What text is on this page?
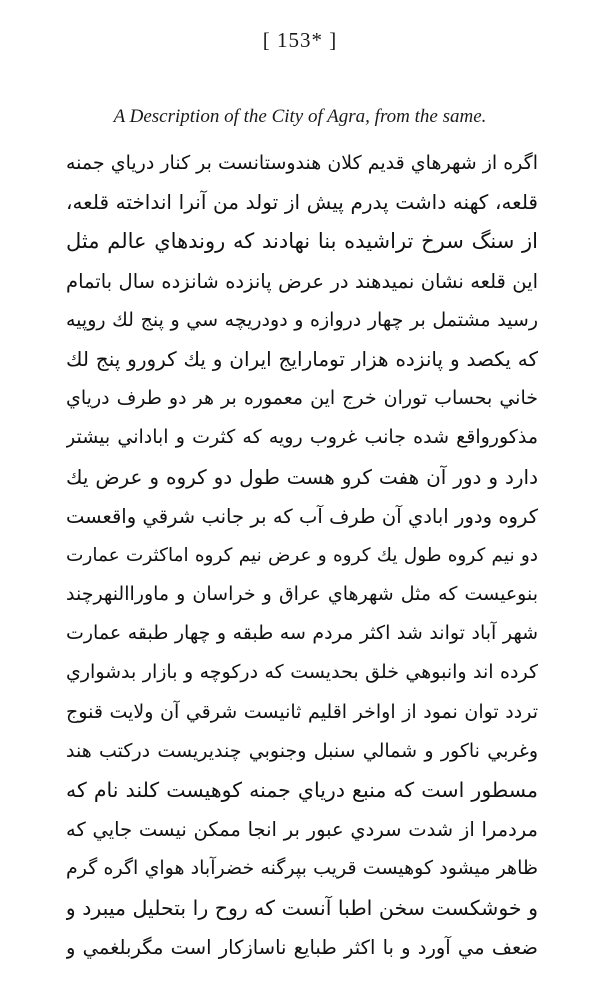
[ 153* ]
A Description of the City of Agra, from the same.
اگره از شهرهاي قديم كلان هندوستانست بر كنار درياي جمنه
قلعه، كهنه داشت پدرم پيش از تولد من آنرا انداخته قلعه،
از سنگ سرخ تراشيده بنا نهادند كه روندهاي عالم مثل
اين قلعه نشان نميدهند در عرض پانزده شانزده سال باتمام
رسيد مشتمل بر چهار دروازه و دودريچه سي و پنج لك روپيه
كه يكصد و پانزده هزار تومارايج ايران و يك كرورو پنج لك
خاني بحساب توران خرج اين معموره بر هر دو طرف درياي
مذكورواقع شده جانب غروب رويه كه كثرت و اباداني بيشتر
دارد و دور آن هفت كرو هست طول دو كروه و عرض يك
كروه ودور ابادي آن طرف آب كه بر جانب شرقي واقعست
دو نيم كروه طول يك كروه و عرض نيم كروه اماكثرت عمارت
بنوعيست كه مثل شهرهاي عراق و خراسان و ماوراالنهرچند
شهر آباد تواند شد اكثر مردم سه طبقه و چهار طبقه عمارت
كرده اند وانبوهي خلق بحديست كه دركوچه و بازار بدشواري
تردد توان نمود از اواخر اقليم ثانيست شرقي آن ولايت قنوج
وغربي ناكور و شمالي سنبل وجنوبي چنديريست دركتب هند
مسطور است كه منبع درياي جمنه كوهيست كلند نام كه
مردمرا از شدت سردي عبور بر انجا ممكن نيست جايي كه
ظاهر ميشود كوهيست قريب بپرگنه خضرآباد هواي اگره گرم
و خوشكست سخن اطبا آنست كه روح را بتحليل ميبرد و
ضعف مي آورد و با اكثر طبايع ناسازكار است مگربلغمي و
